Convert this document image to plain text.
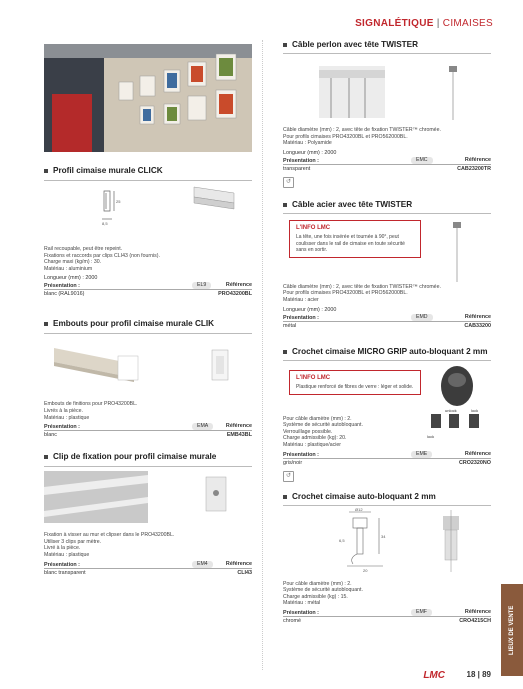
SIGNALÉTIQUE | CIMAISES
Profil cimaise murale CLICK
25
8,5
Rail recoupable, peut être repeint.
Fixations et raccords par clips CLI43 (non fournis).
Charge maxi (kg/m) : 30.
Matériau : aluminium
Longueur (mm) : 2000
Présentation :	EL9	Référence
blanc (RAL9016)	PRO43200BL
Embouts pour profil cimaise murale CLIK
Embouts de finitions pour PRO43200BL.
Livrés à la pièce.
Matériau : plastique
Présentation :	EMA	Référence
blanc	EMB43BL
Clip de fixation pour profil cimaise murale
Fixation à visser au mur et clipser dans le PRO43200BL.
Utiliser 3 clips par mètre.
Livré à la pièce.
Matériau : plastique
Présentation :	EM4	Référence
blanc transparent	CLI43
Câble perlon avec tête TWISTER
Câble diamètre (mm) : 2, avec tête de fixation TWISTER™ chromée.
Pour profils cimaises PRO43200BL et PRO562000BL.
Matériau : Polyamide
Longueur (mm) : 2000
Présentation :	EMC	Référence
transparent	CAB23200TR
↺
Câble acier avec tête TWISTER
L'INFO LMC
La tête, une fois insérée et tournée à 90°, peut coulisser dans le rail de cimaise en toute sécurité sans en sortir.
Câble diamètre (mm) : 2, avec tête de fixation TWISTER™ chromée.
Pour profils cimaises PRO43200BL et PRO562000BL.
Matériau : acier
Longueur (mm) : 2000
Présentation :	EMD	Référence
métal	CAB33200
Crochet cimaise MICRO GRIP auto-bloquant 2 mm
L'INFO LMC
Plastique renforcé de fibres de verre : léger et solide.
Pour câble diamètre (mm) : 2.
Système de sécurité autobloquant.
Verrouillage possible.
Charge admissible (kg): 20.
Matériau : plastique/acier
lock
unlock	lock
Présentation :	EME	Référence
gris/noir	CRO2320NO
↺
Crochet cimaise auto-bloquant 2 mm
Ø12
6,5
34
20
Pour câble diamètre (mm) : 2.
Système de sécurité autobloquant.
Charge admissible (kg) : 15.
Matériau : métal
Présentation :	EMF	Référence
chromé	CRO4215CH	LIEUX DE VENTE
LMC	18 | 89
